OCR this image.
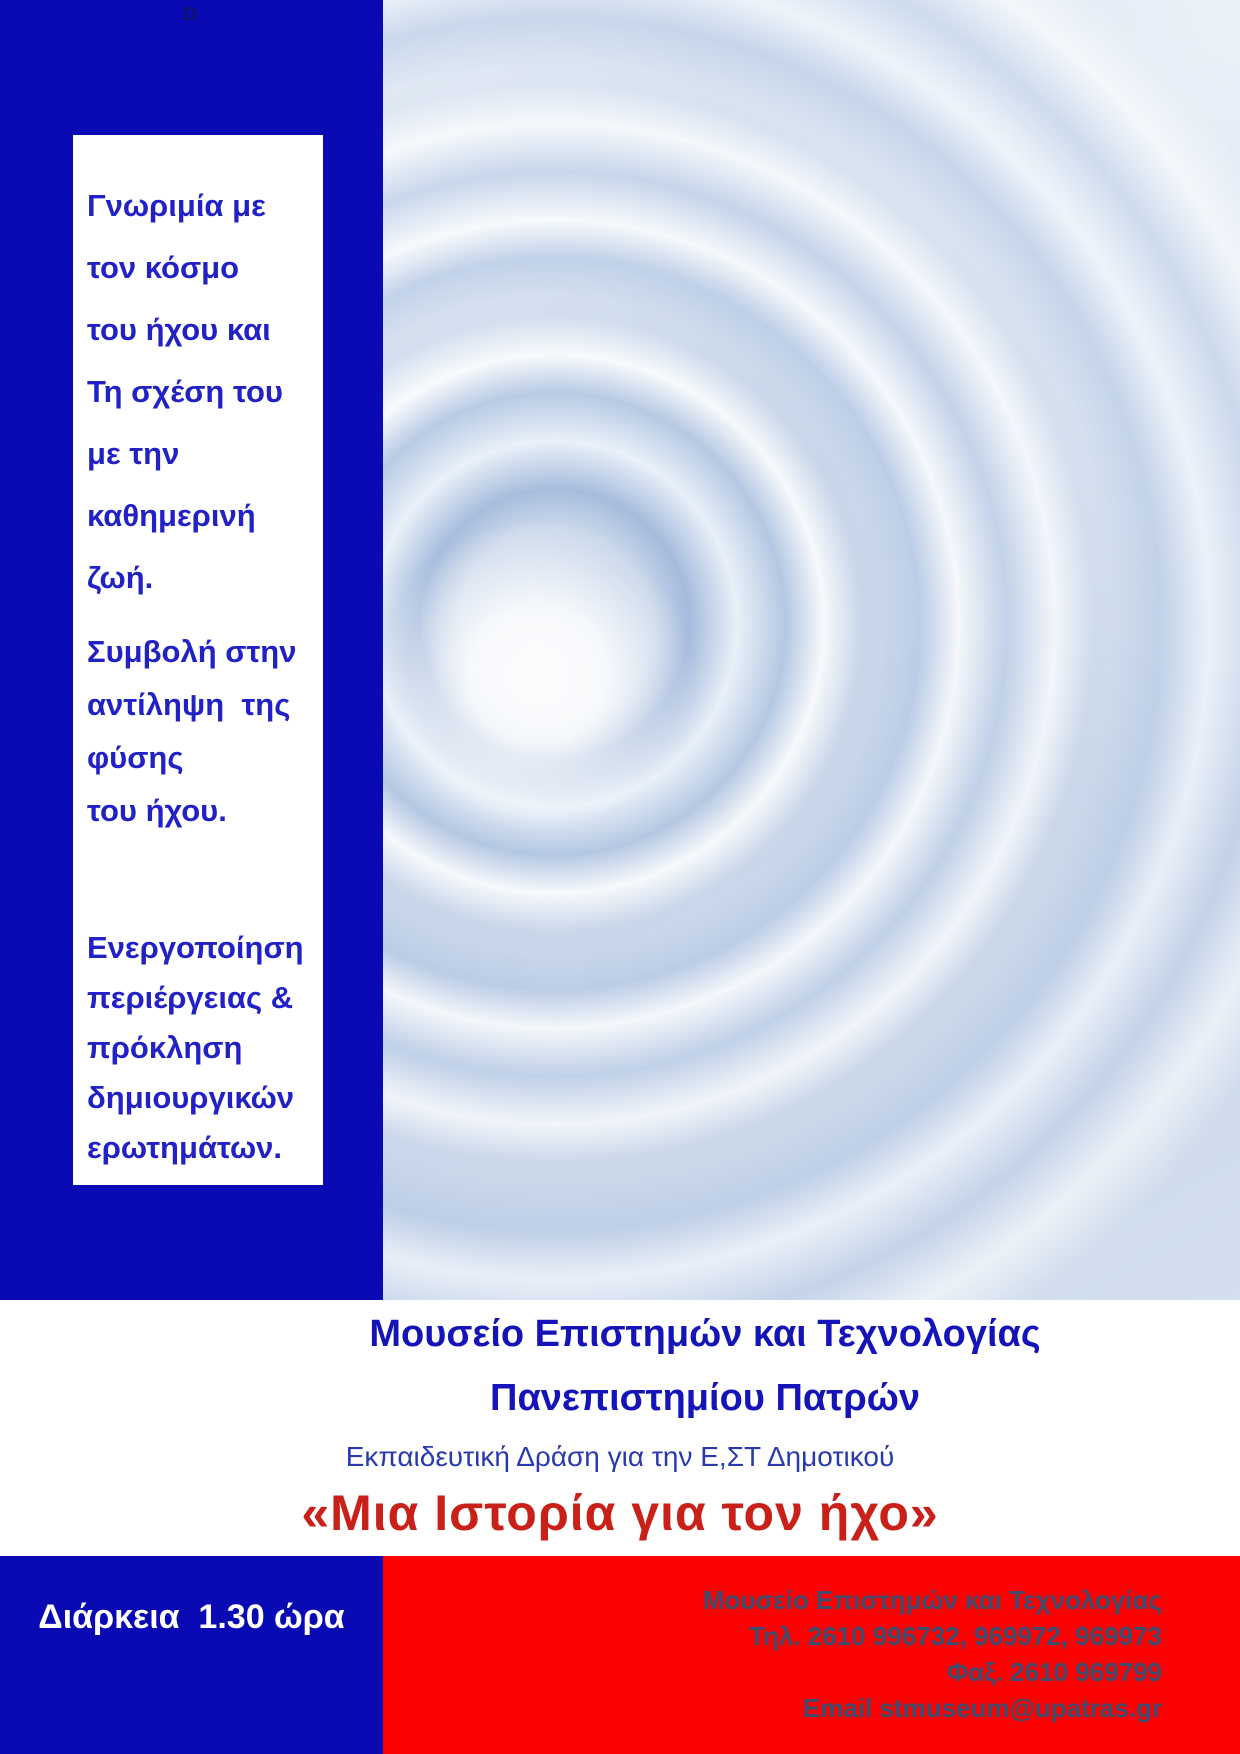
D

Γνωριμία με
τον κόσμο
του ήχου και
Τη σχέση του
με την
καθημερινή
ζωή.

Συμβολή στην
αντίληψη  της
φύσης
του ήχου.

Ενεργοποίηση
περιέργειας &
πρόκληση
δημιουργικών
ερωτημάτων.

Μουσείο Επιστημών και Τεχνολογίας
Πανεπιστημίου Πατρών
Εκπαιδευτική Δράση για την Ε,ΣΤ Δημοτικού
«Μια Ιστορία για τον ήχο»
Διάρκεια  1.30 ώρα	Μουσείο Επιστημών και Τεχνολογίας
Τηλ. 2610 996732, 969972, 969973
Φαξ. 2610 969799
Email stmuseum@upatras.gr
